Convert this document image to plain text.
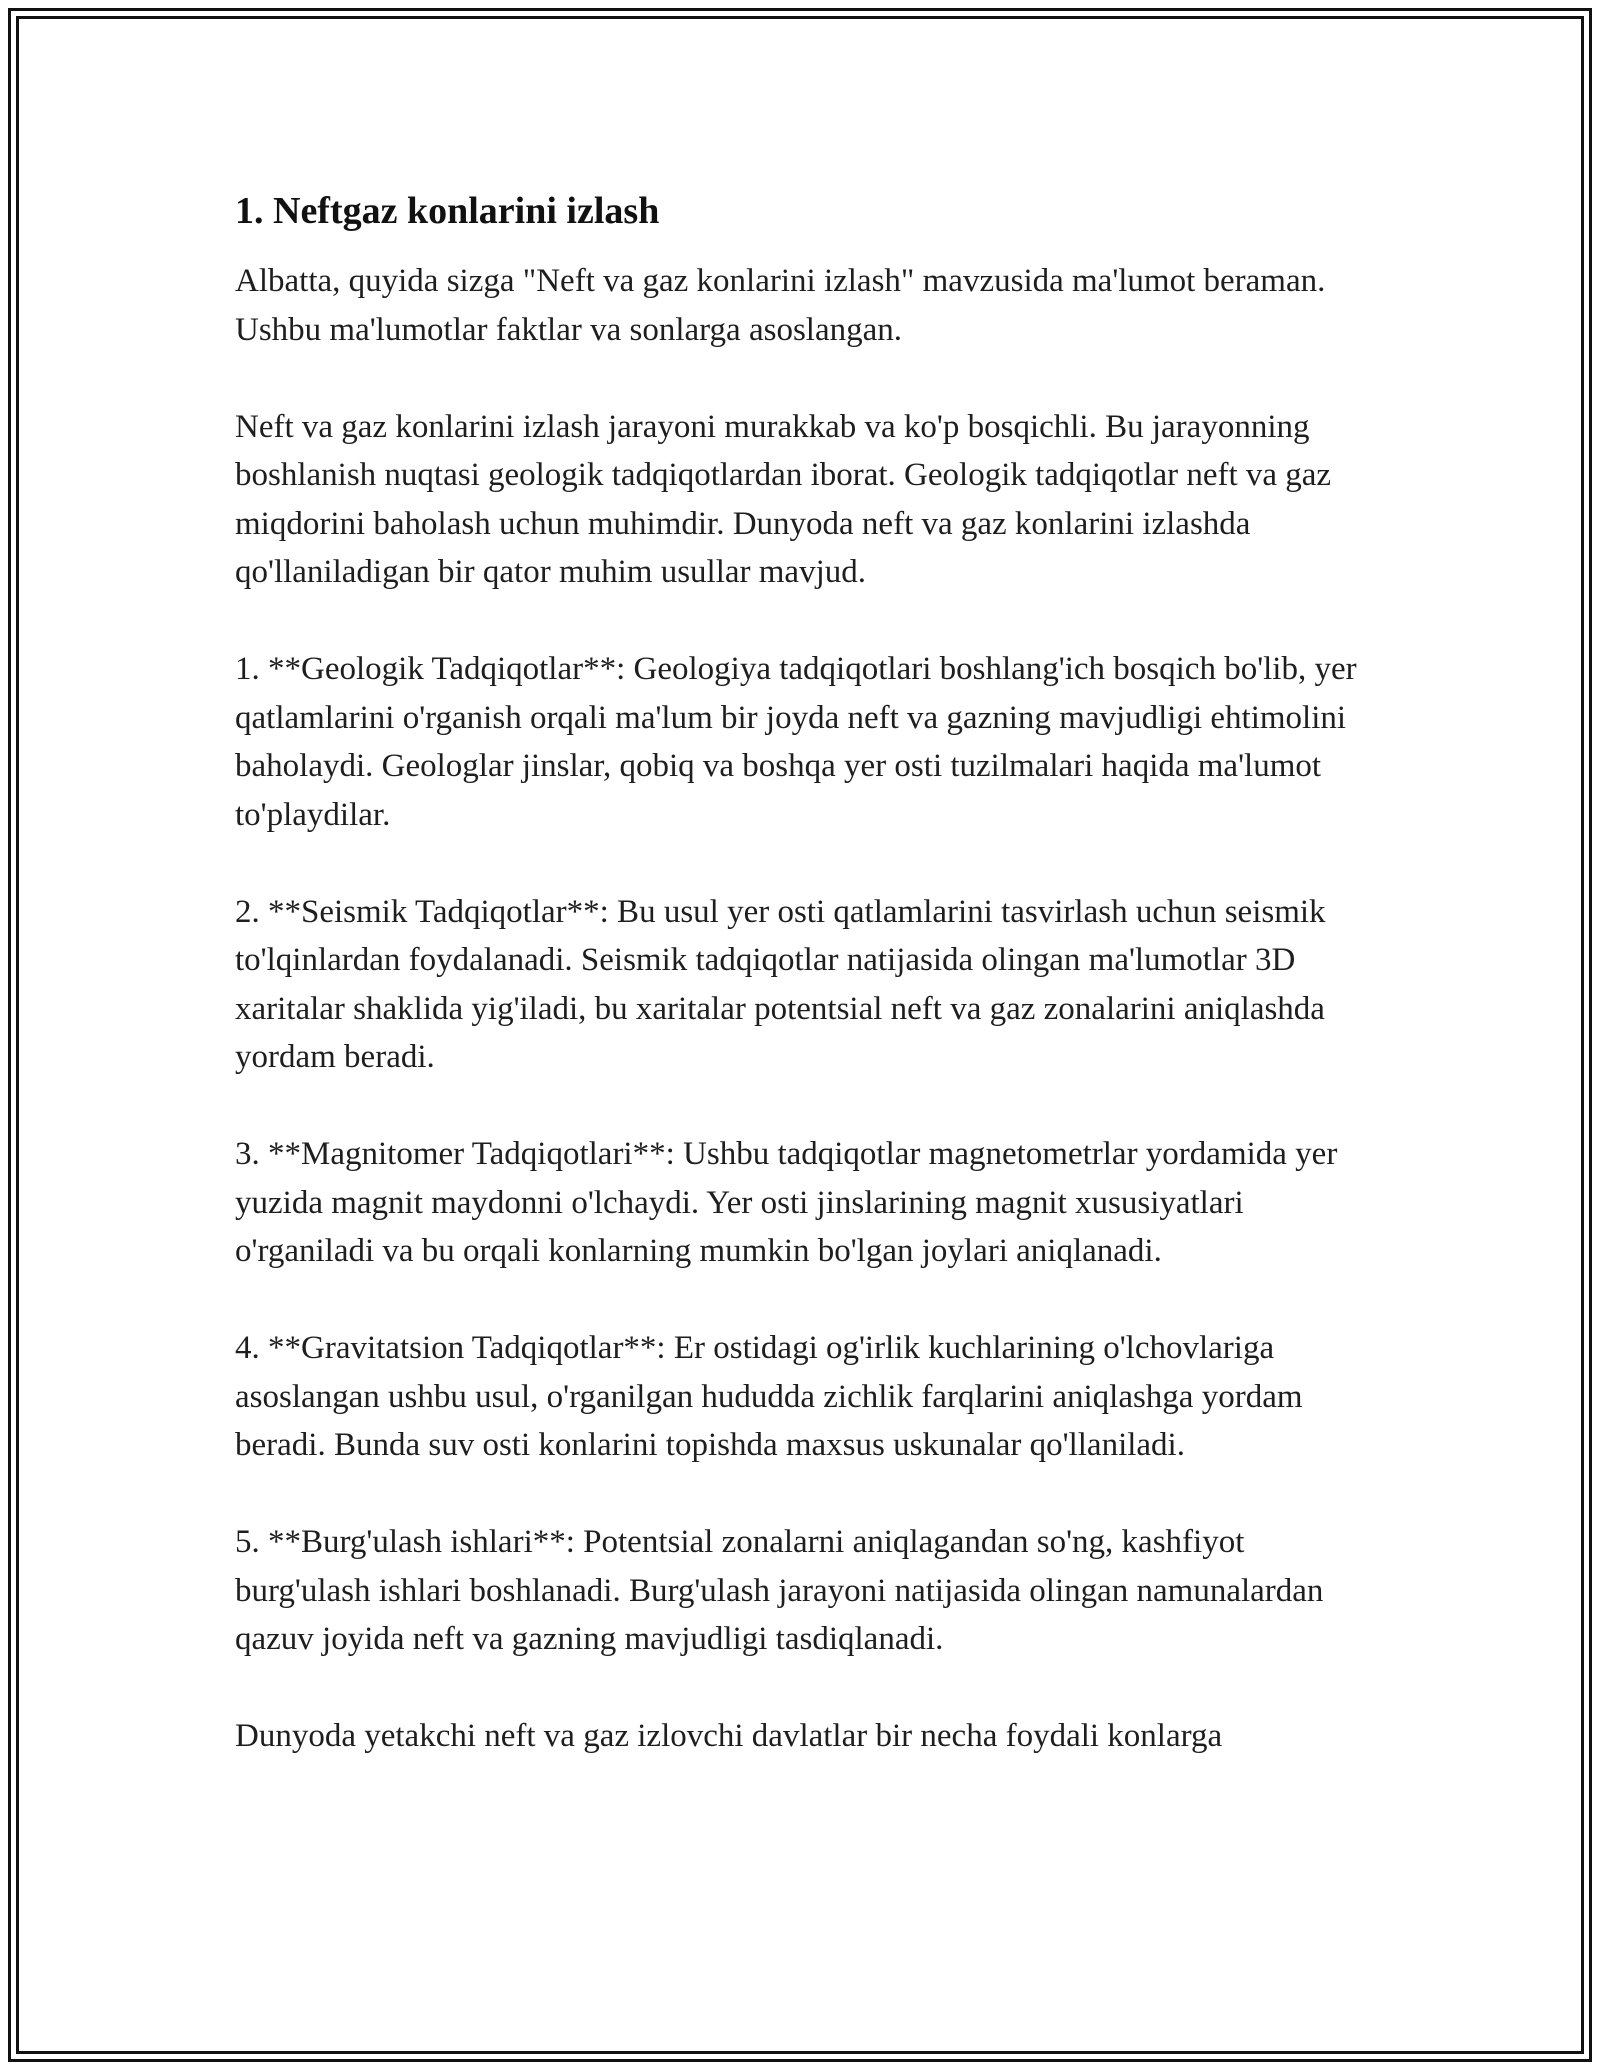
1. Neftgaz konlarini izlash

Albatta, quyida sizga "Neft va gaz konlarini izlash" mavzusida ma'lumot beraman. Ushbu ma'lumotlar faktlar va sonlarga asoslangan.

Neft va gaz konlarini izlash jarayoni murakkab va ko'p bosqichli. Bu jarayonning boshlanish nuqtasi geologik tadqiqotlardan iborat. Geologik tadqiqotlar neft va gaz miqdorini baholash uchun muhimdir. Dunyoda neft va gaz konlarini izlashda qo'llaniladigan bir qator muhim usullar mavjud.

1. **Geologik Tadqiqotlar**: Geologiya tadqiqotlari boshlang'ich bosqich bo'lib, yer qatlamlarini o'rganish orqali ma'lum bir joyda neft va gazning mavjudligi ehtimolini baholaydi. Geologlar jinslar, qobiq va boshqa yer osti tuzilmalari haqida ma'lumot to'playdilar.

2. **Seismik Tadqiqotlar**: Bu usul yer osti qatlamlarini tasvirlash uchun seismik to'lqinlardan foydalanadi. Seismik tadqiqotlar natijasida olingan ma'lumotlar 3D xaritalar shaklida yig'iladi, bu xaritalar potentsial neft va gaz zonalarini aniqlashda yordam beradi.

3. **Magnitomer Tadqiqotlari**: Ushbu tadqiqotlar magnetometrlar yordamida yer yuzida magnit maydonni o'lchaydi. Yer osti jinslarining magnit xususiyatlari o'rganiladi va bu orqali konlarning mumkin bo'lgan joylari aniqlanadi.

4. **Gravitatsion Tadqiqotlar**: Er ostidagi og'irlik kuchlarining o'lchovlariga asoslangan ushbu usul, o'rganilgan hududda zichlik farqlarini aniqlashga yordam beradi. Bunda suv osti konlarini topishda maxsus uskunalar qo'llaniladi.

5. **Burg'ulash ishlari**: Potentsial zonalarni aniqlagandan so'ng, kashfiyot burg'ulash ishlari boshlanadi. Burg'ulash jarayoni natijasida olingan namunalardan qazuv joyida neft va gazning mavjudligi tasdiqlanadi.

Dunyoda yetakchi neft va gaz izlovchi davlatlar bir necha foydali konlarga
